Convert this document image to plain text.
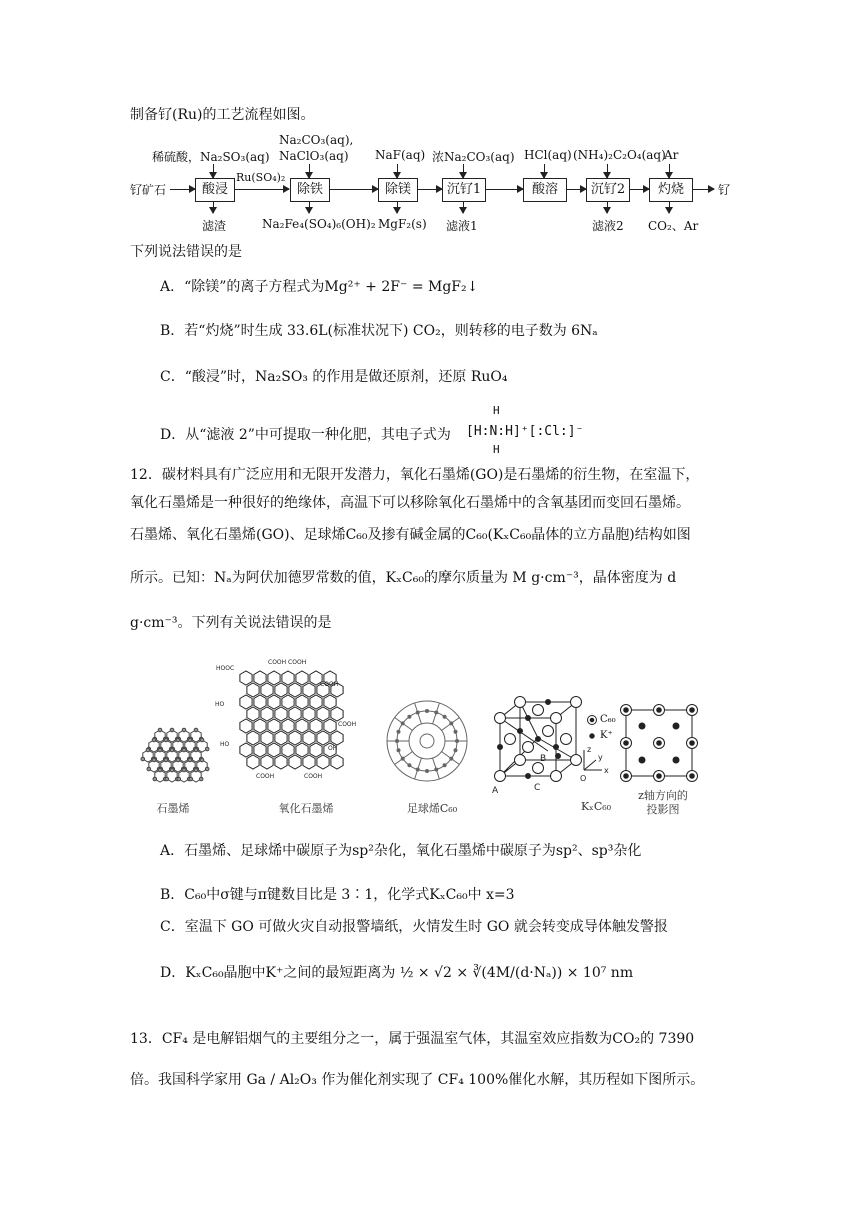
制备钌(Ru)的工艺流程如图。
稀硫酸，Na₂SO₃(aq)
Na₂CO₃(aq),
NaClO₃(aq) NaF(aq) 浓Na₂CO₃(aq) HCl(aq) (NH₄)₂C₂O₄(aq)
Ar
钌矿石	酸浸
Ru(SO₄)₂
除铁	除镁	沉钌1	酸溶	沉钌2	灼烧	钌
滤渣	Na₂Fe₄(SO₄)₆(OH)₂ MgF₂(s) 滤液1	滤液2 CO₂、Ar
下列说法错误的是
A．“除镁”的离子方程式为Mg²⁺ + 2F⁻ = MgF₂↓
B．若“灼烧”时生成 33.6L(标准状况下) CO₂，则转移的电子数为 6Nₐ
C．“酸浸”时，Na₂SO₃ 的作用是做还原剂，还原 RuO₄
D．从“滤液 2”中可提取一种化肥，其电子式为 [H:N:H]⁺[:Cl:]⁻
H
H
12．碳材料具有广泛应用和无限开发潜力，氧化石墨烯(GO)是石墨烯的衍生物，在室温下，
氧化石墨烯是一种很好的绝缘体，高温下可以移除氧化石墨烯中的含氧基团而变回石墨烯。
石墨烯、氧化石墨烯(GO)、足球烯C₆₀及掺有碱金属的C₆₀(KₓC₆₀晶体的立方晶胞)结构如图
所示。已知：Nₐ为阿伏加德罗常数的值，KₓC₆₀的摩尔质量为 M g·cm⁻³，晶体密度为 d
g·cm⁻³。下列有关说法错误的是
HOOC
COOH COOH
COOH
HO
COOH
HO
OH
COOH	COOH
A
B
C
z
x
y
O
C₆₀
K⁺
石墨烯	氧化石墨烯	足球烯C₆₀	KₓC₆₀
z轴方向的
投影图
A．石墨烯、足球烯中碳原子为sp²杂化，氧化石墨烯中碳原子为sp²、sp³杂化
B．C₆₀中σ键与π键数目比是 3∶1，化学式KₓC₆₀中 x=3
C．室温下 GO 可做火灾自动报警墙纸，火情发生时 GO 就会转变成导体触发警报
D．KₓC₆₀晶胞中K⁺之间的最短距离为 ½ × √2 × ∛(4M/(d·Nₐ)) × 10⁷ nm
13．CF₄ 是电解铝烟气的主要组分之一，属于强温室气体，其温室效应指数为CO₂的 7390
倍。我国科学家用 Ga / Al₂O₃ 作为催化剂实现了 CF₄ 100%催化水解，其历程如下图所示。
